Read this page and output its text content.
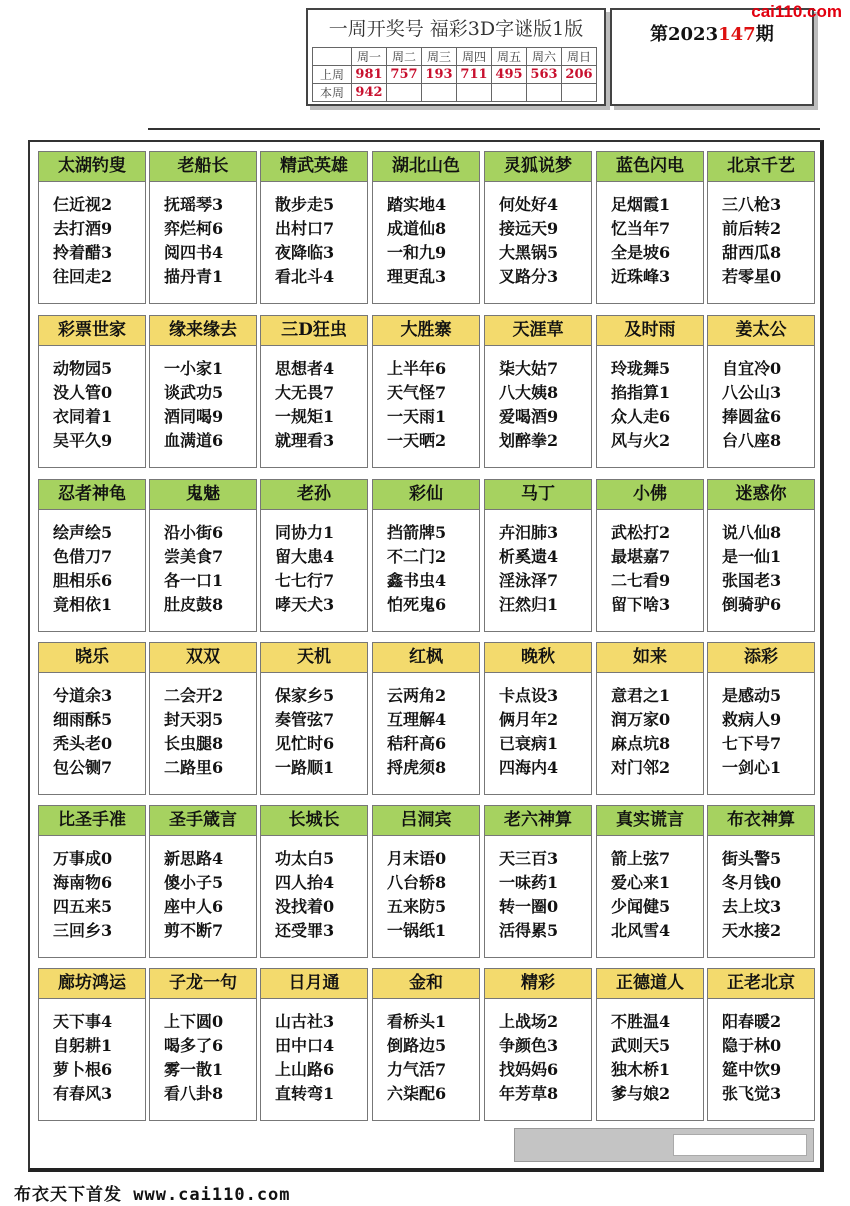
一周开奖号 福彩3D字谜版1版
	周一	周二	周三	周四	周五	周六	周日
上周	981	757	193	711	495	563	206
本周	942						
第2023147期
cai110.com
太湖钓叟
仨近视2
去打酒9
拎着醋3
往回走2
老船长
抚瑶琴3
弈烂柯6
阅四书4
描丹青1
精武英雄
散步走5
出村口7
夜降临3
看北斗4
湖北山色
踏实地4
成道仙8
一和九9
理更乱3
灵狐说梦
何处好4
接远天9
大黑锅5
叉路分3
蓝色闪电
足烟霞1
忆当年7
全是坡6
近珠峰3
北京千艺
三八枪3
前后转2
甜西瓜8
若零星0
彩票世家
动物园5
没人管0
衣同着1
吴平久9
缘来缘去
一小家1
谈武功5
酒同喝9
血满道6
三D狂虫
思想者4
大无畏7
一规矩1
就理看3
大胜寨
上半年6
天气怪7
一天雨1
一天晒2
天涯草
柒大姑7
八大姨8
爱喝酒9
划醉拳2
及时雨
玲珑舞5
掐指算1
众人走6
风与火2
姜太公
自宜冷0
八公山3
捧圆盆6
台八座8
忍者神龟
绘声绘5
色借刀7
胆相乐6
竟相依1
鬼魅
沿小街6
尝美食7
各一口1
肚皮鼓8
老孙
同协力1
留大患4
七七行7
哮天犬3
彩仙
挡箭牌5
不二门2
鑫书虫4
怕死鬼6
马丁
卉汨肺3
析奚遗4
淫泳泽7
汪然归1
小佛
武松打2
最堪嘉7
二七看9
留下啥3
迷惑你
说八仙8
是一仙1
张国老3
倒骑驴6
晓乐
兮道余3
细雨酥5
秃头老0
包公铡7
双双
二会开2
封天羽5
长虫腿8
二路里6
天机
保家乡5
奏管弦7
见忙时6
一路顺1
红枫
云两角2
互理解4
秸秆高6
捋虎须8
晚秋
卡点设3
俩月年2
已衰病1
四海内4
如来
意君之1
润万家0
麻点坑8
对门邻2
添彩
是感动5
救病人9
七下号7
一剑心1
比圣手准
万事成0
海南物6
四五来5
三回乡3
圣手箴言
新思路4
傻小子5
座中人6
剪不断7
长城长
功太白5
四人抬4
没找着0
还受罪3
吕洞宾
月末语0
八台轿8
五来防5
一锅纸1
老六神算
天三百3
一味药1
转一圈0
活得累5
真实谎言
箭上弦7
爱心来1
少闻健5
北风雪4
布衣神算
街头警5
冬月钱0
去上坟3
天水接2
廊坊鸿运
天下事4
自躬耕1
萝卜根6
有春风3
子龙一句
上下圆0
喝多了6
雾一散1
看八卦8
日月通
山古社3
田中口4
上山路6
直转弯1
金和
看桥头1
倒路边5
力气活7
六柒配6
精彩
上战场2
争颜色3
找妈妈6
年芳草8
正德道人
不胜温4
武则天5
独木桥1
爹与娘2
正老北京
阳春暖2
隐于林0
筵中饮9
张飞觉3
布衣天下首发 www.cai110.com
